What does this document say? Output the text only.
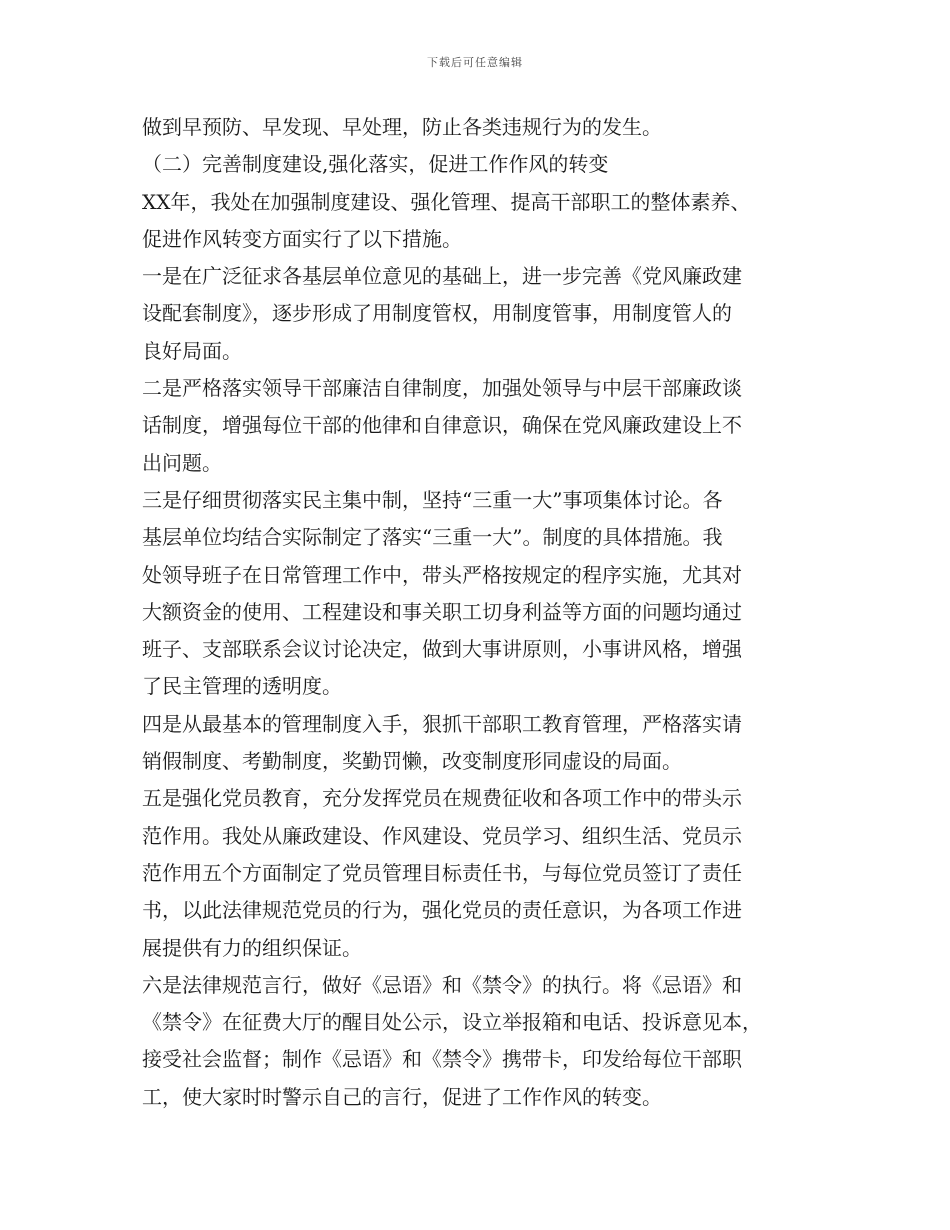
下载后可任意编辑
做到早预防、早发现、早处理，防止各类违规行为的发生。
（二）完善制度建设,强化落实，促进工作作风的转变
XX年，我处在加强制度建设、强化管理、提高干部职工的整体素养、
促进作风转变方面实行了以下措施。
一是在广泛征求各基层单位意见的基础上，进一步完善《党风廉政建
设配套制度》，逐步形成了用制度管权，用制度管事，用制度管人的
良好局面。
二是严格落实领导干部廉洁自律制度，加强处领导与中层干部廉政谈
话制度，增强每位干部的他律和自律意识，确保在党风廉政建设上不
出问题。
三是仔细贯彻落实民主集中制，坚持“三重一大”事项集体讨论。各
基层单位均结合实际制定了落实“三重一大”。制度的具体措施。我
处领导班子在日常管理工作中，带头严格按规定的程序实施，尤其对
大额资金的使用、工程建设和事关职工切身利益等方面的问题均通过
班子、支部联系会议讨论决定，做到大事讲原则，小事讲风格，增强
了民主管理的透明度。
四是从最基本的管理制度入手，狠抓干部职工教育管理，严格落实请
销假制度、考勤制度，奖勤罚懒，改变制度形同虚设的局面。
五是强化党员教育，充分发挥党员在规费征收和各项工作中的带头示
范作用。我处从廉政建设、作风建设、党员学习、组织生活、党员示
范作用五个方面制定了党员管理目标责任书，与每位党员签订了责任
书，以此法律规范党员的行为，强化党员的责任意识，为各项工作进
展提供有力的组织保证。
六是法律规范言行，做好《忌语》和《禁令》的执行。将《忌语》和
《禁令》在征费大厅的醒目处公示，设立举报箱和电话、投诉意见本，
接受社会监督；制作《忌语》和《禁令》携带卡，印发给每位干部职
工，使大家时时警示自己的言行，促进了工作作风的转变。
